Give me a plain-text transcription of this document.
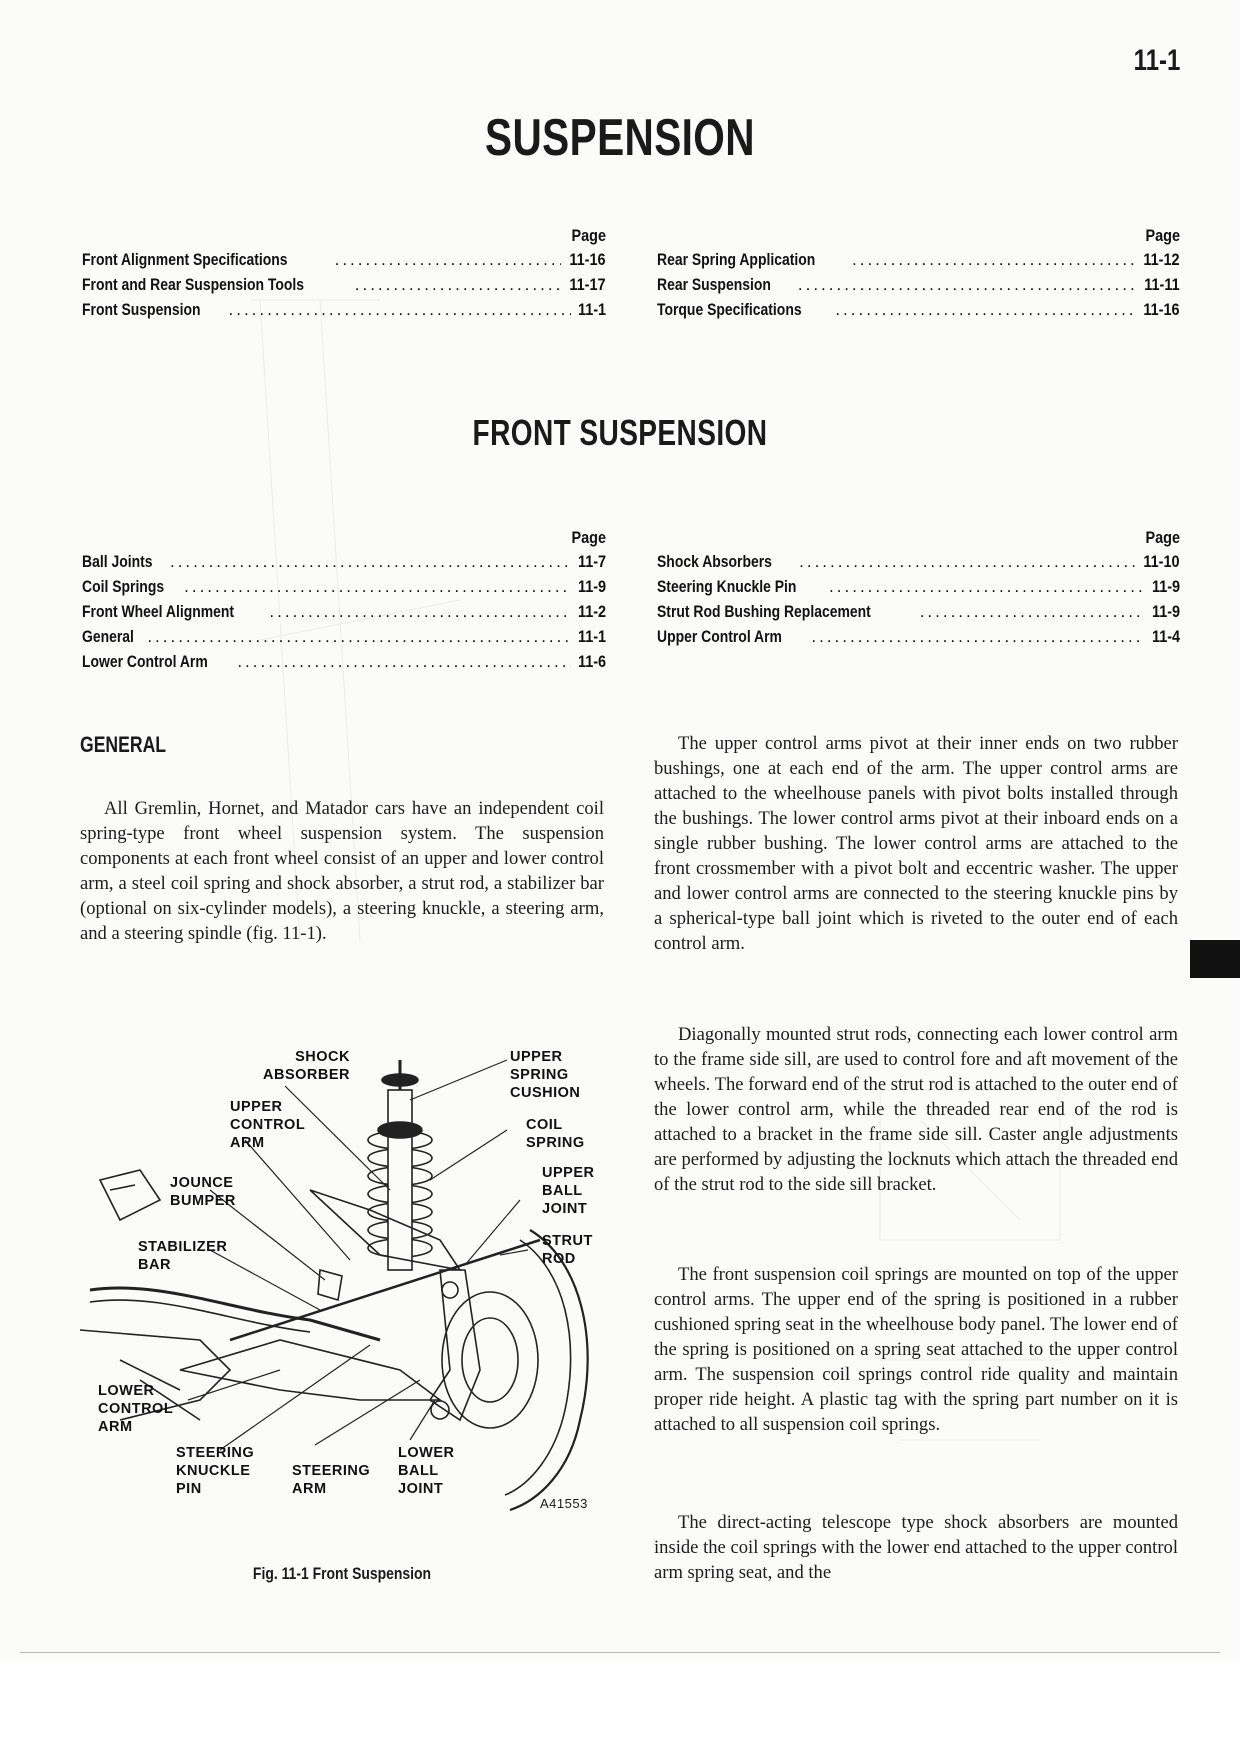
11-1
SUSPENSION
Page
Front Alignment Specifications .....	11-16
Front and Rear Suspension Tools .....	11-17
Front Suspension .....	11-1
Page
Rear Spring Application .....	11-12
Rear Suspension .....	11-11
Torque Specifications .....	11-16
FRONT SUSPENSION
Page
Ball Joints .....	11-7
Coil Springs .....	11-9
Front Wheel Alignment .....	11-2
General .....	11-1
Lower Control Arm .....	11-6
Page
Shock Absorbers .....	11-10
Steering Knuckle Pin .....	11-9
Strut Rod Bushing Replacement .....	11-9
Upper Control Arm .....	11-4
GENERAL

All Gremlin, Hornet, and Matador cars have an independent coil spring-type front wheel suspension system. The suspension components at each front wheel consist of an upper and lower control arm, a steel coil spring and shock absorber, a strut rod, a stabilizer bar (optional on six-cylinder models), a steering knuckle, a steering arm, and a steering spindle (fig. 11-1).

The upper control arms pivot at their inner ends on two rubber bushings, one at each end of the arm. The upper control arms are attached to the wheelhouse panels with pivot bolts installed through the bushings. The lower control arms pivot at their inboard ends on a single rubber bushing. The lower control arms are attached to the front crossmember with a pivot bolt and eccentric washer. The upper and lower control arms are connected to the steering knuckle pins by a spherical-type ball joint which is riveted to the outer end of each control arm.

Diagonally mounted strut rods, connecting each lower control arm to the frame side sill, are used to control fore and aft movement of the wheels. The forward end of the strut rod is attached to the outer end of the lower control arm, while the threaded rear end of the rod is attached to a bracket in the frame side sill. Caster angle adjustments are performed by adjusting the locknuts which attach the threaded end of the strut rod to the side sill bracket.

The front suspension coil springs are mounted on top of the upper control arms. The upper end of the spring is positioned in a rubber cushioned spring seat in the wheelhouse body panel. The lower end of the spring is positioned on a spring seat attached to the upper control arm. The suspension coil springs control ride quality and maintain proper ride height. A plastic tag with the spring part number on it is attached to all suspension coil springs.

The direct-acting telescope type shock absorbers are mounted inside the coil springs with the lower end attached to the upper control arm spring seat, and the

SHOCK
ABSORBER
UPPER
CONTROL
ARM
JOUNCE
BUMPER
STABILIZER
BAR
LOWER
CONTROL
ARM
STEERING
KNUCKLE
PIN
STEERING
ARM
LOWER
BALL
JOINT
UPPER
SPRING
CUSHION
COIL
SPRING
UPPER
BALL
JOINT
STRUT
ROD
A41553
Fig. 11-1 Front Suspension
